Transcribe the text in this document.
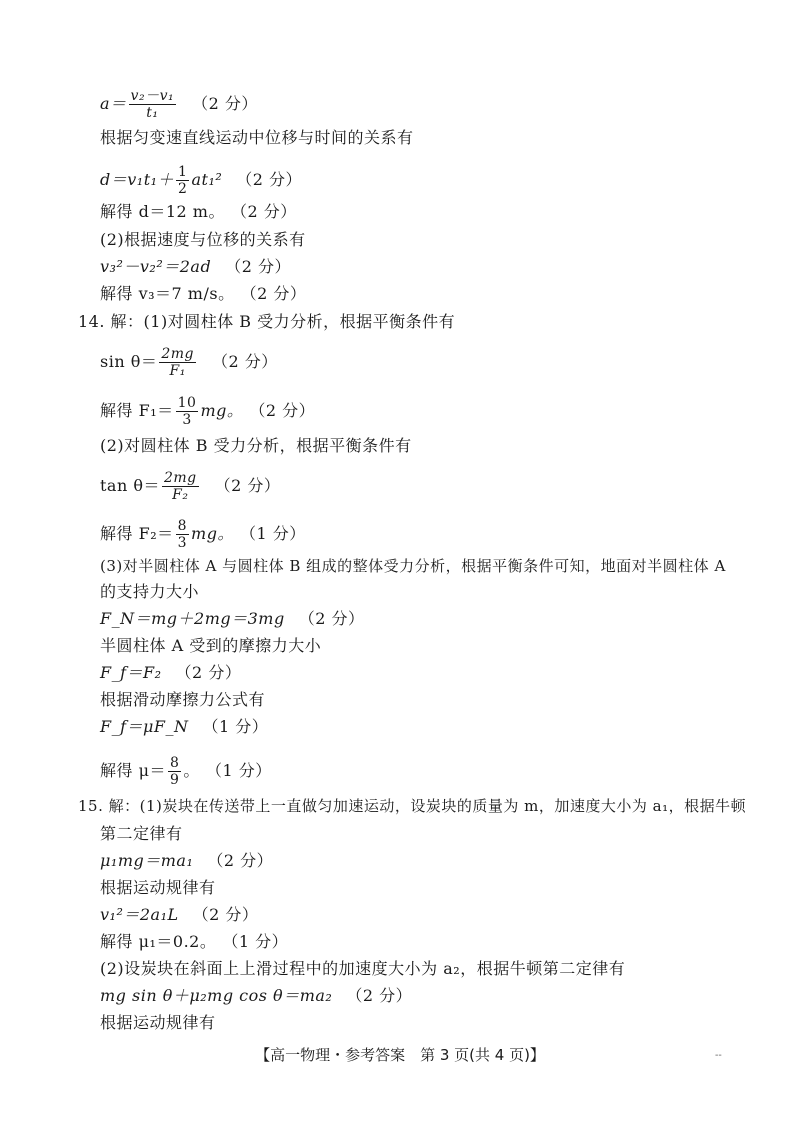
$a= \frac{\text{v₂－v₁}}{\text{t₁}} (2$ 分）
根据匀变速直线运动中位移与时间的关系有
$d=v_1t_1+ \frac{1}{2} at_1^2$ （2 分）
解得 d＝12 m。 （2 分）
(2)根据速度与位移的关系有
v₃²－v₂²＝2ad （2 分）
解得 v₃＝7 m/s。 （2 分）
14. 解：(1)对圆柱体 B 受力分析，根据平衡条件有
$\sin \theta= \frac{2mg}{\text{F₁}} (2$ 分）
解得 $F_1= \frac{10}{3}$ mg。 （2 分）
(2)对圆柱体 B 受力分析，根据平衡条件有
$\tan \theta= \frac{2mg}{\text{F₂}} (2$ 分）
解得 $F_2= \frac{8}{3}$ mg。 （1 分）
(3)对半圆柱体 A 与圆柱体 B 组成的整体受力分析，根据平衡条件可知，地面对半圆柱体 A
的支持力大小
F_N＝mg＋2mg＝3mg （2 分）
半圆柱体 A 受到的摩擦力大小
F_f＝F₂ （2 分）
根据滑动摩擦力公式有
F_f＝μF_N （1 分）
解得 $\mu= \frac{8}{9}$ 。 （1 分）
15. 解：(1)炭块在传送带上一直做匀加速运动，设炭块的质量为 m，加速度大小为 a₁，根据牛顿
第二定律有
μ₁mg＝ma₁ （2 分）
根据运动规律有
v₁²＝2a₁L （2 分）
解得 μ₁＝0.2。 （1 分）
(2)设炭块在斜面上上滑过程中的加速度大小为 a₂，根据牛顿第二定律有
mg sin θ＋μ₂mg cos θ＝ma₂ （2 分）
根据运动规律有
【高一物理・参考答案　第 3 页(共 4 页)】	--
